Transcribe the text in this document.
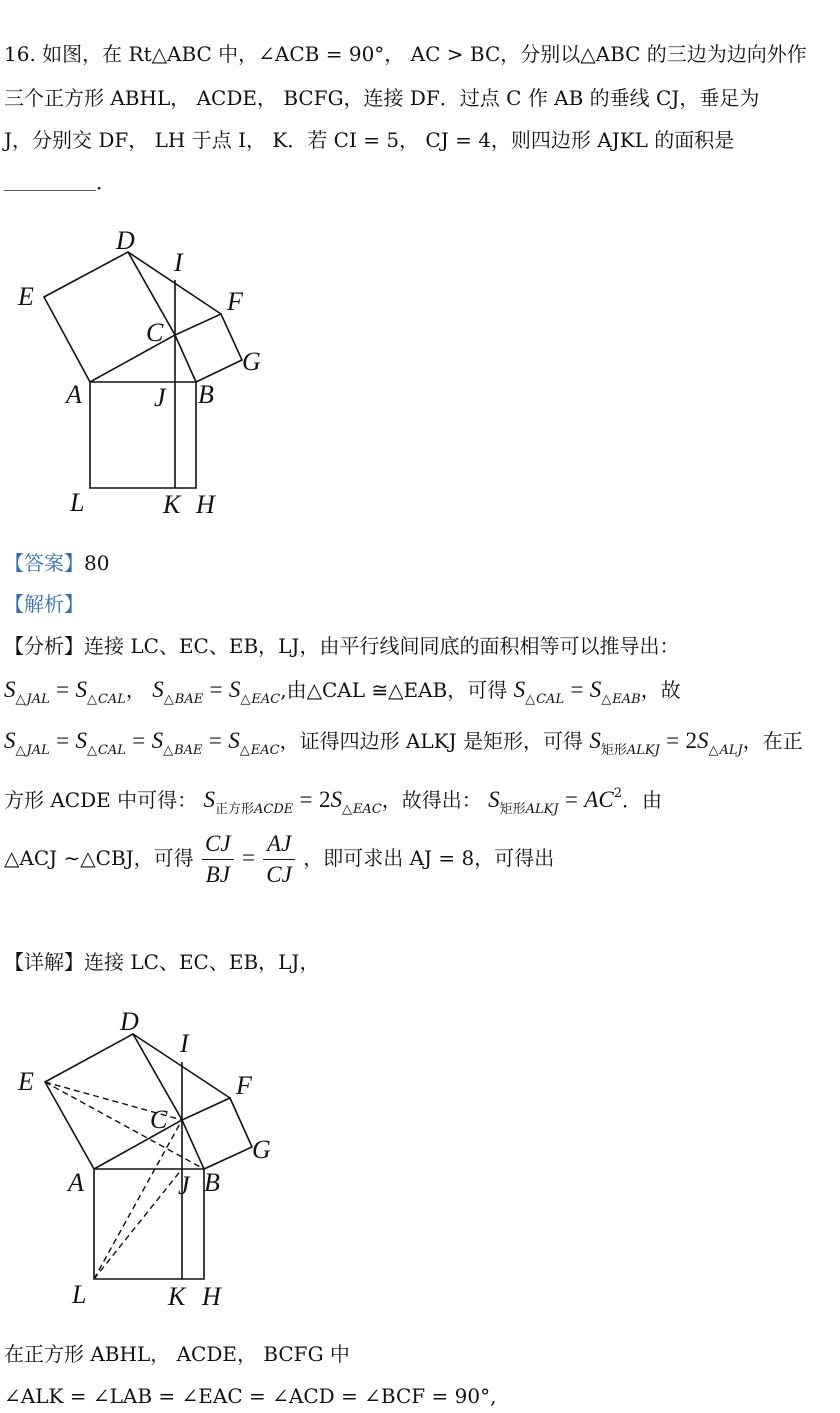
16. 如图，在 Rt△ABC 中，∠ACB = 90°， AC > BC，分别以△ABC 的三边为边向外作
三个正方形 ABHL， ACDE， BCFG，连接 DF．过点 C 作 AB 的垂线 CJ，垂足为
J，分别交 DF， LH 于点 I， K．若 CI = 5， CJ = 4，则四边形 AJKL 的面积是
．
D
I
E	F
C
G
A	J B
L	K H
【答案】80
【解析】
【分析】连接 LC、EC、EB，LJ，由平行线间同底的面积相等可以推导出：
$S_{\triangle JAL} = S_{\triangle CAL}$， $S_{\triangle BAE} = S_{\triangle EAC}$,由△CAL ≅△EAB，可得 $S_{\triangle CAL} = S_{\triangle EAB}$，故
$S_{\triangle JAL} = S_{\triangle CAL} = S_{\triangle BAE} = S_{\triangle EAC}$，证得四边形 ALKJ 是矩形，可得 $S_{矩形ALKJ} = 2S_{\triangle ALJ}$，在正
方形 ACDE 中可得： $S_{正方形ACDE} = 2S_{\triangle EAC}$，故得出： $S_{矩形ALKJ} = AC^2$．由
△ACJ ∼△CBJ，可得 $\frac{CJ}{BJ} = \frac{AJ}{CJ}$ ，即可求出 AJ = 8，可得出
【详解】连接 LC、EC、EB，LJ，
D
I
E	F
C
G
A	J B
L	K H
在正方形 ABHL， ACDE， BCFG 中
∠ALK = ∠LAB = ∠EAC = ∠ACD = ∠BCF = 90°,
